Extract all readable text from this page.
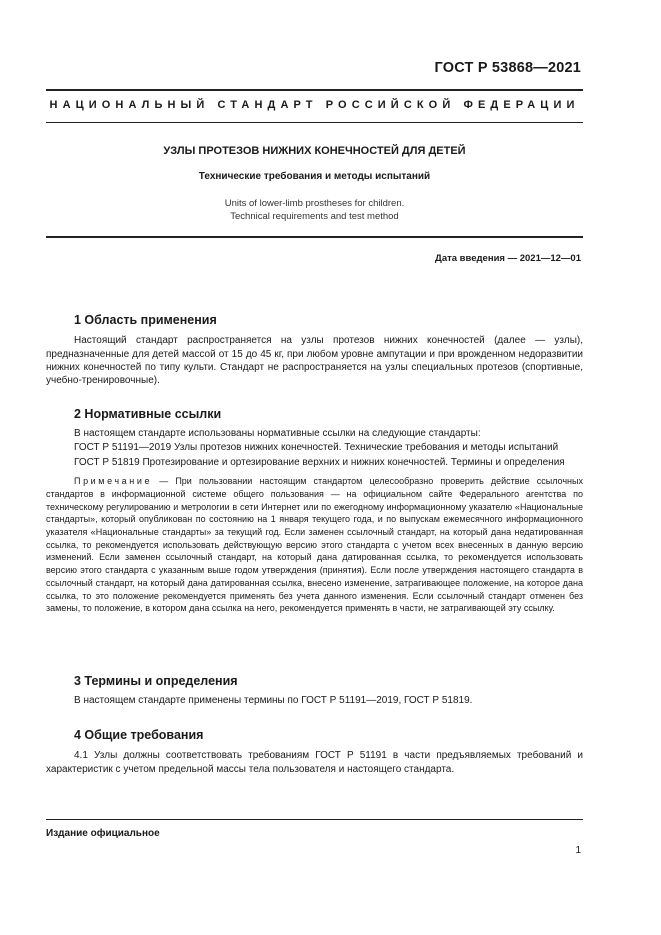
ГОСТ Р 53868—2021
НАЦИОНАЛЬНЫЙ СТАНДАРТ РОССИЙСКОЙ ФЕДЕРАЦИИ
УЗЛЫ ПРОТЕЗОВ НИЖНИХ КОНЕЧНОСТЕЙ ДЛЯ ДЕТЕЙ
Технические требования и методы испытаний
Units of lower-limb prostheses for children.
Technical requirements and test method
Дата введения — 2021—12—01
1 Область применения

Настоящий стандарт распространяется на узлы протезов нижних конечностей (далее — узлы), предназначенные для детей массой от 15 до 45 кг, при любом уровне ампутации и при врожденном недоразвитии нижних конечностей по типу культи. Стандарт не распространяется на узлы специальных протезов (спортивные, учебно-тренировочные).

2 Нормативные ссылки

В настоящем стандарте использованы нормативные ссылки на следующие стандарты:

ГОСТ Р 51191—2019 Узлы протезов нижних конечностей. Технические требования и методы испытаний

ГОСТ Р 51819 Протезирование и ортезирование верхних и нижних конечностей. Термины и определения

Примечание — При пользовании настоящим стандартом целесообразно проверить действие ссылочных стандартов в информационной системе общего пользования — на официальном сайте Федерального агентства по техническому регулированию и метрологии в сети Интернет или по ежегодному информационному указателю «Национальные стандарты», который опубликован по состоянию на 1 января текущего года, и по выпускам ежемесячного информационного указателя «Национальные стандарты» за текущий год. Если заменен ссылочный стандарт, на который дана недатированная ссылка, то рекомендуется использовать действующую версию этого стандарта с учетом всех внесенных в данную версию изменений. Если заменен ссылочный стандарт, на который дана датированная ссылка, то рекомендуется использовать версию этого стандарта с указанным выше годом утверждения (принятия). Если после утверждения настоящего стандарта в ссылочный стандарт, на который дана датированная ссылка, внесено изменение, затрагивающее положение, на которое дана ссылка, то это положение рекомендуется применять без учета данного изменения. Если ссылочный стандарт отменен без замены, то положение, в котором дана ссылка на него, рекомендуется применять в части, не затрагивающей эту ссылку.

3 Термины и определения

В настоящем стандарте применены термины по ГОСТ Р 51191—2019, ГОСТ Р 51819.

4 Общие требования

4.1 Узлы должны соответствовать требованиям ГОСТ Р 51191 в части предъявляемых требований и характеристик с учетом предельной массы тела пользователя и настоящего стандарта.

Издание официальное
1
